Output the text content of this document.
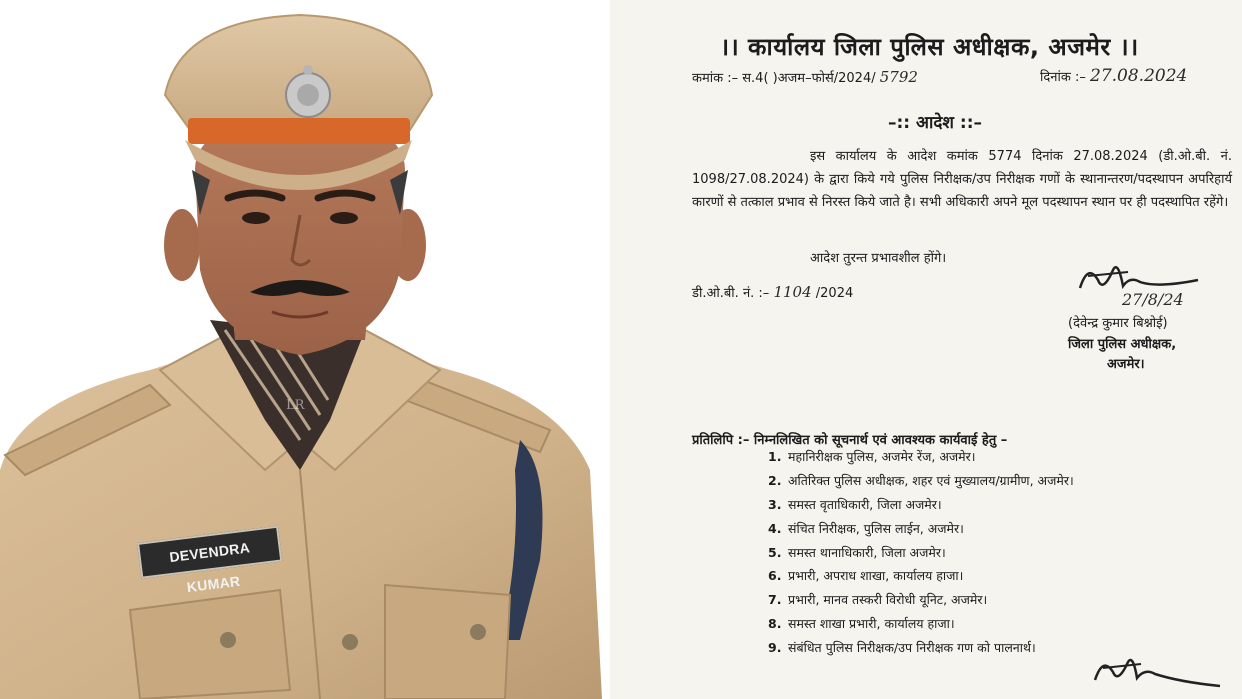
DEVENDRA KUMAR
LR
।। कार्यालय जिला पुलिस अधीक्षक, अजमेर ।।
कमांक :– स.4( )अजम–फोर्स/2024/ 5792	दिनांक :– 27.08.2024
–:: आदेश ::–
इस कार्यालय के आदेश कमांक 5774 दिनांक 27.08.2024 (डी.ओ.बी. नं. 1098/27.08.2024) के द्वारा किये गये पुलिस निरीक्षक/उप निरीक्षक गणों के स्थानान्तरण/पदस्थापन अपरिहार्य कारणों से तत्काल प्रभाव से निरस्त किये जाते है। सभी अधिकारी अपने मूल पदस्थापन स्थान पर ही पदस्थापित रहेंगे।
आदेश तुरन्त प्रभावशील होंगे।
डी.ओ.बी. नं. :– 1104 /2024	27/8/24
(देवेन्द्र कुमार बिश्नोई)
जिला पुलिस अधीक्षक,
अजमेर।
प्रतिलिपि :– निम्नलिखित को सूचनार्थ एवं आवश्यक कार्यवाई हेतु –
1. महानिरीक्षक पुलिस, अजमेर रेंज, अजमेर।
2. अतिरिक्त पुलिस अधीक्षक, शहर एवं मुख्यालय/ग्रामीण, अजमेर।
3. समस्त वृताधिकारी, जिला अजमेर।
4. संचित निरीक्षक, पुलिस लाईन, अजमेर।
5. समस्त थानाधिकारी, जिला अजमेर।
6. प्रभारी, अपराध शाखा, कार्यालय हाजा।
7. प्रभारी, मानव तस्करी विरोधी यूनिट, अजमेर।
8. समस्त शाखा प्रभारी, कार्यालय हाजा।
9. संबंधित पुलिस निरीक्षक/उप निरीक्षक गण को पालनार्थ।
